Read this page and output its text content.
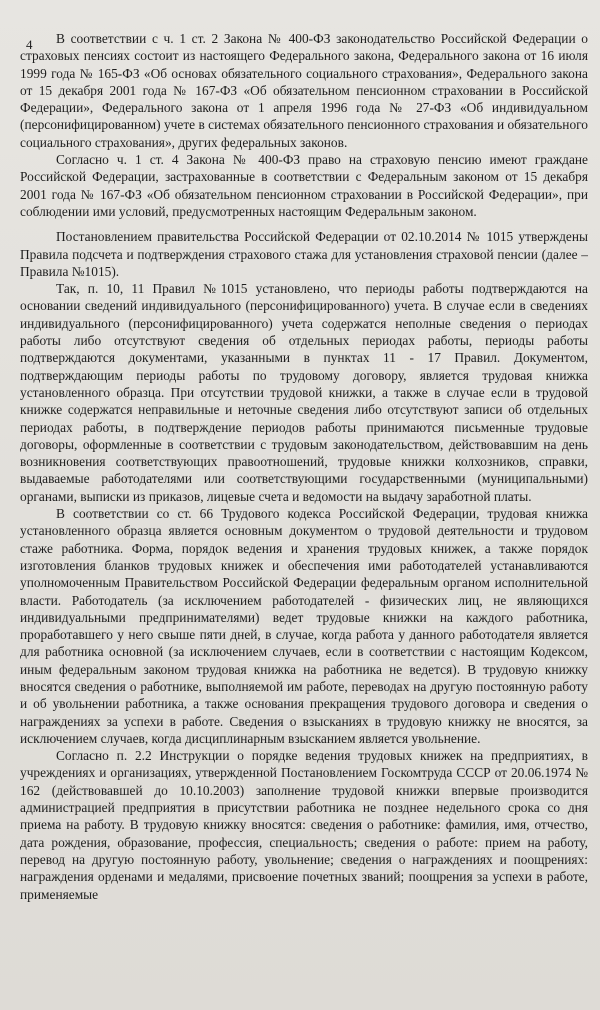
4	В соответствии с ч. 1 ст. 2 Закона № 400-ФЗ законодательство Российской Федерации о страховых пенсиях состоит из настоящего Федерального закона, Федерального закона от 16 июля 1999 года № 165-ФЗ «Об основах обязательного социального страхования», Федерального закона от 15 декабря 2001 года № 167-ФЗ «Об обязательном пенсионном страховании в Российской Федерации», Федерального закона от 1 апреля 1996 года № 27-ФЗ «Об индивидуальном (персонифицированном) учете в системах обязательного пенсионного страхования и обязательного социального страхования», других федеральных законов.

Согласно ч. 1 ст. 4 Закона № 400-ФЗ право на страховую пенсию имеют граждане Российской Федерации, застрахованные в соответствии с Федеральным законом от 15 декабря 2001 года № 167-ФЗ «Об обязательном пенсионном страховании в Российской Федерации», при соблюдении ими условий, предусмотренных настоящим Федеральным законом.

Постановлением правительства Российской Федерации от 02.10.2014 № 1015 утверждены Правила подсчета и подтверждения страхового стажа для установления страховой пенсии (далее – Правила №1015).

Так, п. 10, 11 Правил №1015 установлено, что периоды работы подтверждаются на основании сведений индивидуального (персонифицированного) учета. В случае если в сведениях индивидуального (персонифицированного) учета содержатся неполные сведения о периодах работы либо отсутствуют сведения об отдельных периодах работы, периоды работы подтверждаются документами, указанными в пунктах 11 - 17 Правил. Документом, подтверждающим периоды работы по трудовому договору, является трудовая книжка установленного образца. При отсутствии трудовой книжки, а также в случае если в трудовой книжке содержатся неправильные и неточные сведения либо отсутствуют записи об отдельных периодах работы, в подтверждение периодов работы принимаются письменные трудовые договоры, оформленные в соответствии с трудовым законодательством, действовавшим на день возникновения соответствующих правоотношений, трудовые книжки колхозников, справки, выдаваемые работодателями или соответствующими государственными (муниципальными) органами, выписки из приказов, лицевые счета и ведомости на выдачу заработной платы.

В соответствии со ст. 66 Трудового кодекса Российской Федерации, трудовая книжка установленного образца является основным документом о трудовой деятельности и трудовом стаже работника. Форма, порядок ведения и хранения трудовых книжек, а также порядок изготовления бланков трудовых книжек и обеспечения ими работодателей устанавливаются уполномоченным Правительством Российской Федерации федеральным органом исполнительной власти. Работодатель (за исключением работодателей - физических лиц, не являющихся индивидуальными предпринимателями) ведет трудовые книжки на каждого работника, проработавшего у него свыше пяти дней, в случае, когда работа у данного работодателя является для работника основной (за исключением случаев, если в соответствии с настоящим Кодексом, иным федеральным законом трудовая книжка на работника не ведется). В трудовую книжку вносятся сведения о работнике, выполняемой им работе, переводах на другую постоянную работу и об увольнении работника, а также основания прекращения трудового договора и сведения о награждениях за успехи в работе. Сведения о взысканиях в трудовую книжку не вносятся, за исключением случаев, когда дисциплинарным взысканием является увольнение.

Согласно п. 2.2 Инструкции о порядке ведения трудовых книжек на предприятиях, в учреждениях и организациях, утвержденной Постановлением Госкомтруда СССР от 20.06.1974 № 162 (действовавшей до 10.10.2003) заполнение трудовой книжки впервые производится администрацией предприятия в присутствии работника не позднее недельного срока со дня приема на работу. В трудовую книжку вносятся: сведения о работнике: фамилия, имя, отчество, дата рождения, образование, профессия, специальность; сведения о работе: прием на работу, перевод на другую постоянную работу, увольнение; сведения о награждениях и поощрениях: награждения орденами и медалями, присвоение почетных званий; поощрения за успехи в работе, применяемые
